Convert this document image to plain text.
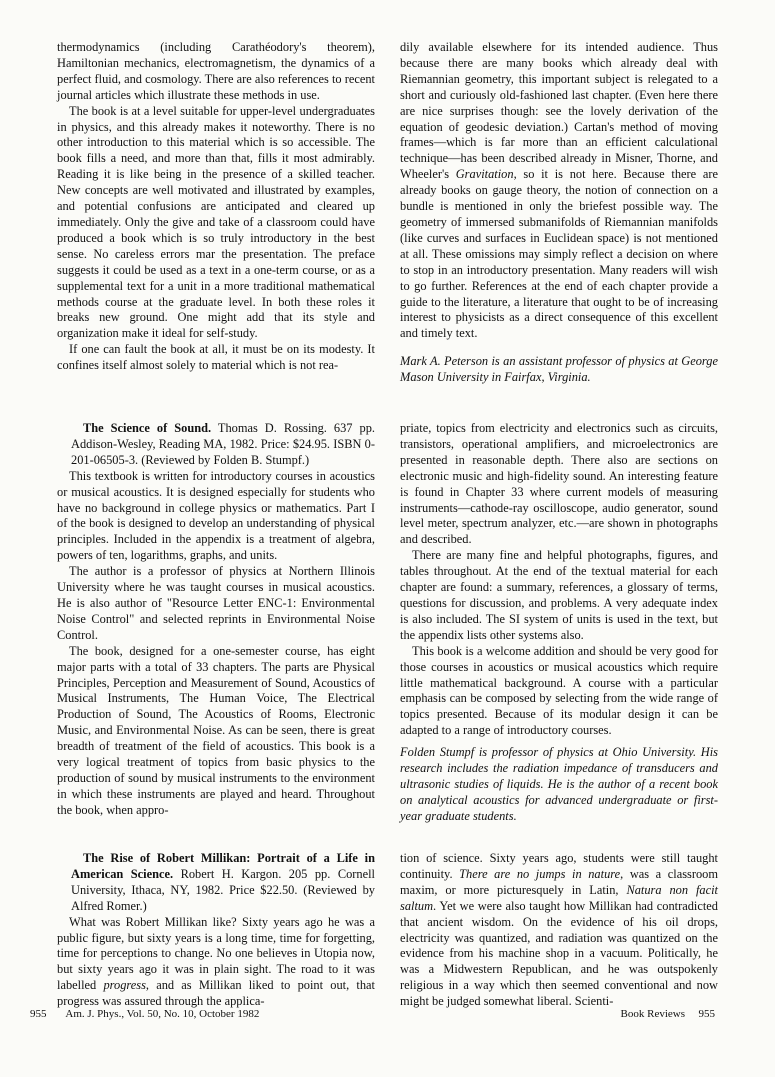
thermodynamics (including Carathéodory's theorem), Hamiltonian mechanics, electromagnetism, the dynamics of a perfect fluid, and cosmology. There are also references to recent journal articles which illustrate these methods in use.

The book is at a level suitable for upper-level undergraduates in physics, and this already makes it noteworthy. There is no other introduction to this material which is so accessible. The book fills a need, and more than that, fills it most admirably. Reading it is like being in the presence of a skilled teacher. New concepts are well motivated and illustrated by examples, and potential confusions are anticipated and cleared up immediately. Only the give and take of a classroom could have produced a book which is so truly introductory in the best sense. No careless errors mar the presentation. The preface suggests it could be used as a text in a one-term course, or as a supplemental text for a unit in a more traditional mathematical methods course at the graduate level. In both these roles it breaks new ground. One might add that its style and organization make it ideal for self-study.

If one can fault the book at all, it must be on its modesty. It confines itself almost solely to material which is not rea-

dily available elsewhere for its intended audience. Thus because there are many books which already deal with Riemannian geometry, this important subject is relegated to a short and curiously old-fashioned last chapter. (Even here there are nice surprises though: see the lovely derivation of the equation of geodesic deviation.) Cartan's method of moving frames—which is far more than an efficient calculational technique—has been described already in Misner, Thorne, and Wheeler's Gravitation, so it is not here. Because there are already books on gauge theory, the notion of connection on a bundle is mentioned in only the briefest possible way. The geometry of immersed submanifolds of Riemannian manifolds (like curves and surfaces in Euclidean space) is not mentioned at all. These omissions may simply reflect a decision on where to stop in an introductory presentation. Many readers will wish to go further. References at the end of each chapter provide a guide to the literature, a literature that ought to be of increasing interest to physicists as a direct consequence of this excellent and timely text.

Mark A. Peterson is an assistant professor of physics at George Mason University in Fairfax, Virginia.

The Science of Sound. Thomas D. Rossing. 637 pp. Addison-Wesley, Reading MA, 1982. Price: $24.95. ISBN 0-201-06505-3. (Reviewed by Folden B. Stumpf.)

This textbook is written for introductory courses in acoustics or musical acoustics. It is designed especially for students who have no background in college physics or mathematics. Part I of the book is designed to develop an understanding of physical principles. Included in the appendix is a treatment of algebra, powers of ten, logarithms, graphs, and units.

The author is a professor of physics at Northern Illinois University where he was taught courses in musical acoustics. He is also author of "Resource Letter ENC-1: Environmental Noise Control" and selected reprints in Environmental Noise Control.

The book, designed for a one-semester course, has eight major parts with a total of 33 chapters. The parts are Physical Principles, Perception and Measurement of Sound, Acoustics of Musical Instruments, The Human Voice, The Electrical Production of Sound, The Acoustics of Rooms, Electronic Music, and Environmental Noise. As can be seen, there is great breadth of treatment of the field of acoustics. This book is a very logical treatment of topics from basic physics to the production of sound by musical instruments to the environment in which these instruments are played and heard. Throughout the book, when appro-

priate, topics from electricity and electronics such as circuits, transistors, operational amplifiers, and microelectronics are presented in reasonable depth. There also are sections on electronic music and high-fidelity sound. An interesting feature is found in Chapter 33 where current models of measuring instruments—cathode-ray oscilloscope, audio generator, sound level meter, spectrum analyzer, etc.—are shown in photographs and described.

There are many fine and helpful photographs, figures, and tables throughout. At the end of the textual material for each chapter are found: a summary, references, a glossary of terms, questions for discussion, and problems. A very adequate index is also included. The SI system of units is used in the text, but the appendix lists other systems also.

This book is a welcome addition and should be very good for those courses in acoustics or musical acoustics which require little mathematical background. A course with a particular emphasis can be composed by selecting from the wide range of topics presented. Because of its modular design it can be adapted to a range of introductory courses.

Folden Stumpf is professor of physics at Ohio University. His research includes the radiation impedance of transducers and ultrasonic studies of liquids. He is the author of a recent book on analytical acoustics for advanced undergraduate or first-year graduate students.

The Rise of Robert Millikan: Portrait of a Life in American Science. Robert H. Kargon. 205 pp. Cornell University, Ithaca, NY, 1982. Price $22.50. (Reviewed by Alfred Romer.)

What was Robert Millikan like? Sixty years ago he was a public figure, but sixty years is a long time, time for forgetting, time for perceptions to change. No one believes in Utopia now, but sixty years ago it was in plain sight. The road to it was labelled progress, and as Millikan liked to point out, that progress was assured through the applica-

tion of science. Sixty years ago, students were still taught continuity. There are no jumps in nature, was a classroom maxim, or more picturesquely in Latin, Natura non facit saltum. Yet we were also taught how Millikan had contradicted that ancient wisdom. On the evidence of his oil drops, electricity was quantized, and radiation was quantized on the evidence from his machine shop in a vacuum. Politically, he was a Midwestern Republican, and he was outspokenly religious in a way which then seemed conventional and now might be judged somewhat liberal. Scienti-

955 Am. J. Phys., Vol. 50, No. 10, October 1982	Book Reviews 955
